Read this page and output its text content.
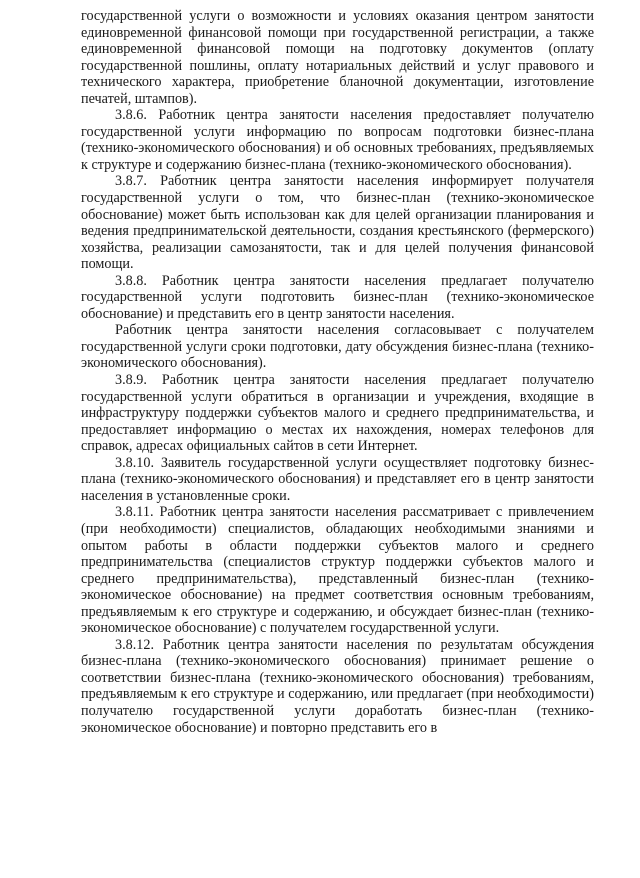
государственной услуги о возможности и условиях оказания центром занятости единовременной финансовой помощи при государственной регистрации, а также единовременной финансовой помощи на подготовку документов (оплату государственной пошлины, оплату нотариальных действий и услуг правового и технического характера, приобретение бланочной документации, изготовление печатей, штампов).

3.8.6. Работник центра занятости населения предоставляет получателю государственной услуги информацию по вопросам подготовки бизнес-плана (технико-экономического обоснования) и об основных требованиях, предъявляемых к структуре и содержанию бизнес-плана (технико-экономического обоснования).

3.8.7. Работник центра занятости населения информирует получателя государственной услуги о том, что бизнес-план (технико-экономическое обоснование) может быть использован как для целей организации планирования и ведения предпринимательской деятельности, создания крестьянского (фермерского) хозяйства, реализации самозанятости, так и для целей получения финансовой помощи.

3.8.8. Работник центра занятости населения предлагает получателю государственной услуги подготовить бизнес-план (технико-экономическое обоснование) и представить его в центр занятости населения.

Работник центра занятости населения согласовывает с получателем государственной услуги сроки подготовки, дату обсуждения бизнес-плана (технико-экономического обоснования).

3.8.9. Работник центра занятости населения предлагает получателю государственной услуги обратиться в организации и учреждения, входящие в инфраструктуру поддержки субъектов малого и среднего предпринимательства, и предоставляет информацию о местах их нахождения, номерах телефонов для справок, адресах официальных сайтов в сети Интернет.

3.8.10. Заявитель государственной услуги осуществляет подготовку бизнес-плана (технико-экономического обоснования) и представляет его в центр занятости населения в установленные сроки.

3.8.11. Работник центра занятости населения рассматривает с привлечением (при необходимости) специалистов, обладающих необходимыми знаниями и опытом работы в области поддержки субъектов малого и среднего предпринимательства (специалистов структур поддержки субъектов малого и среднего предпринимательства), представленный бизнес-план (технико-экономическое обоснование) на предмет соответствия основным требованиям, предъявляемым к его структуре и содержанию, и обсуждает бизнес-план (технико-экономическое обоснование) с получателем государственной услуги.

3.8.12. Работник центра занятости населения по результатам обсуждения бизнес-плана (технико-экономического обоснования) принимает решение о соответствии бизнес-плана (технико-экономического обоснования) требованиям, предъявляемым к его структуре и содержанию, или предлагает (при необходимости) получателю государственной услуги доработать бизнес-план (технико-экономическое обоснование) и повторно представить его в
